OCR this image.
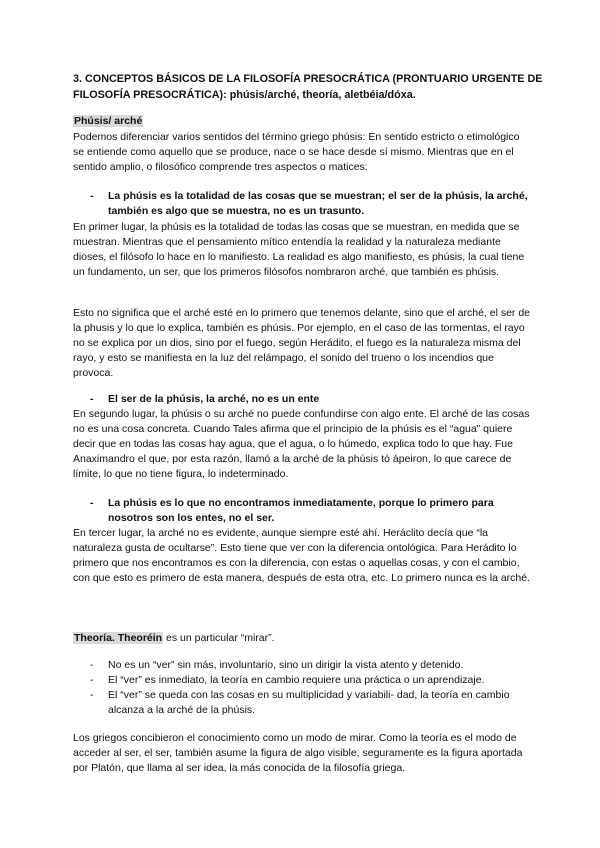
3. CONCEPTOS BÁSICOS DE LA FILOSOFÍA PRESOCRÁTICA (PRONTUARIO URGENTE DE FILOSOFÍA PRESOCRÁTICA): phúsis/arché, theoría, aletbéia/dóxa.
Phúsis/ arché

Podemos diferenciar varios sentidos del término griego phúsis: En sentido estricto o etimológico se entiende como aquello que se produce, nace o se hace desde sí mismo. Mientras que en el sentido amplio, o filosófico comprende tres aspectos o matices:

- La phúsis es la totalidad de las cosas que se muestran; el ser de la phúsis, la arché, también es algo que se muestra, no es un trasunto.

En primer lugar, la phúsis es la totalidad de todas las cosas que se muestran, en medida que se muestran. Mientras que el pensamiento mítico entendía la realidad y la naturaleza mediante dioses, el filósofo lo hace en lo manifiesto. La realidad es algo manifiesto, es phúsis, la cual tiene un fundamento, un ser, que los primeros filósofos nombraron arché, que también es phúsis.

Esto no significa que el arché esté en lo primero que tenemos delante, sino que el arché, el ser de la phusis y lo que lo explica, también es phúsis. Por ejemplo, en el caso de las tormentas, el rayo no se explica por un dios, sino por el fuego, según Herádito, el fuego es la naturaleza misma del rayo, y esto se manifiesta en la luz del relámpago, el sonido del trueno o los incendios que provoca.

- El ser de la phúsis, la arché, no es un ente

En segundo lugar, la phúsis o su arché no puede confundirse con algo ente. El arché de las cosas no es una cosa concreta. Cuando Tales afirma que el principio de la phúsis es el “agua” quiere decir que en todas las cosas hay agua, que el agua, o lo húmedo, explica todo lo que hay. Fue Anaximandro el que, por esta razón, llamó a la arché de la phúsis tò ápeiron, lo que carece de límite, lo que no tiene figura, lo indeterminado.

- La phúsis es lo que no encontramos inmediatamente, porque lo primero para nosotros son los entes, no el ser.

En tercer lugar, la arché no es evidente, aunque siempre esté ahí. Heráclito decía que “la naturaleza gusta de ocultarse”. Esto tiene que ver con la diferencia ontológica. Para Herádito lo primero que nos encontramos es con la diferencia, con estas o aquellas cosas, y con el cambio, con que esto es primero de esta manera, después de esta otra, etc. Lo primero nunca es la arché.

Theoría. Theoréin es un particular “mirar”.
- No es un “ver” sin más, involuntario, sino un dirigir la vista atento y detenido.
- El “ver” es inmediato, la teoría en cambio requiere una práctica o un aprendizaje.
- El “ver” se queda con las cosas en su multiplicidad y variabili- dad, la teoría en cambio alcanza a la arché de la phúsis.

Los griegos concibieron el conocimiento como un modo de mirar. Como la teoría es el modo de acceder al ser, el ser, también asume la figura de algo visible, seguramente es la figura aportada por Platón, que llama al ser idea, la más conocida de la filosofía griega.
